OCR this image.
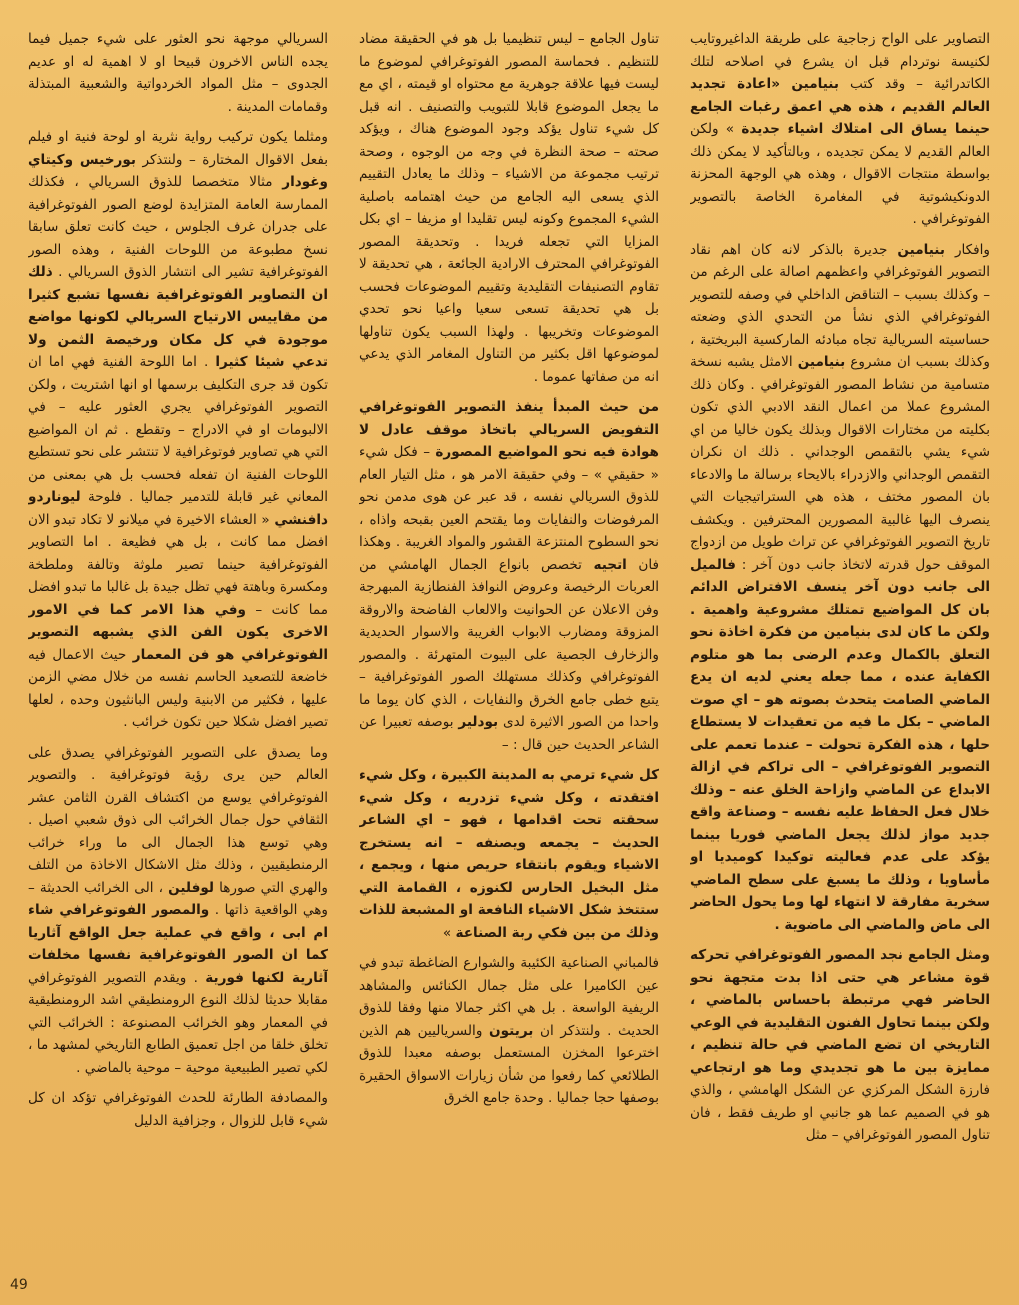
التصاوير على الواح زجاجية على طريقة الداغيروتايب لكنيسة نوتردام قبل ان يشرع في اصلاحه لتلك الكاتدرائية – وقد كتب بنيامين «اعادة تجديد العالم القديم ، هذه هي اعمق رغبات الجامع حينما يساق الى امتلاك اشياء جديدة » ولكن العالم القديم لا يمكن تجديده ، وبالتأكيد لا يمكن ذلك بواسطة منتجات الاقوال ، وهذه هي الوجهة المحزنة الدونكيشوتية في المغامرة الخاصة بالتصوير الفوتوغرافي .

وافكار بنيامين جديرة بالذكر لانه كان اهم نقاد التصوير الفوتوغرافي واعظمهم اصالة على الرغم من – وكذلك بسبب – التناقض الداخلي في وصفه للتصوير الفوتوغرافي الذي نشأ من التحدي الذي وضعته حساسيته السريالية تجاه مبادئه الماركسية البريختية ، وكذلك بسبب ان مشروع بنيامين الامثل يشبه نسخة متسامية من نشاط المصور الفوتوغرافي . وكان ذلك المشروع عملا من اعمال النقد الادبي الذي تكون بكليته من مختارات الاقوال وبذلك يكون خاليا من اي شيء يشي بالتقمص الوجداني . ذلك ان نكران التقمص الوجداني والازدراء بالايحاء برسالة ما والادعاء بان المصور مختف ، هذه هي الستراتيجيات التي ينصرف اليها غالبية المصورين المحترفين . ويكشف تاريخ التصوير الفوتوغرافي عن تراث طويل من ازدواج الموقف حول قدرته لاتخاذ جانب دون آخر : فالميل الى جانب دون آخر ينسف الافتراض الدائم بان كل المواضيع تمتلك مشروعية واهمية . ولكن ما كان لدى بنيامين من فكرة اخاذة نحو التعلق بالكمال وعدم الرضى بما هو متلوم الكفاية عنده ، مما جعله يعني لديه ان يدع الماضي الصامت يتحدث بصوته هو – اي صوت الماضي – بكل ما فيه من تعقيدات لا يستطاع حلها ، هذه الفكرة تحولت – عندما تعمم على التصوير الفوتوغرافي – الى تراكم في ازالة الابداع عن الماضي وازاحة الخلق عنه – وذلك خلال فعل الحفاظ عليه نفسه – وصناعة واقع جديد مواز لذلك يجعل الماضي فوريا بينما يؤكد على عدم فعاليته توكيدا كوميديا او مأساويا ، وذلك ما يسبغ على سطح الماضي سخرية مفارقة لا انتهاء لها وما يحول الحاضر الى ماض والماضي الى ماضوية .

ومثل الجامع نجد المصور الفوتوغرافي تحركه قوة مشاعر هي حتى اذا بدت متجهة نحو الحاضر فهي مرتبطة باحساس بالماضي ، ولكن بينما تحاول الفنون التقليدية في الوعي التاريخي ان تضع الماضي في حالة تنظيم ، ممايزة بين ما هو تجديدي وما هو ارتجاعي فارزة الشكل المركزي عن الشكل الهامشي ، والذي هو في الصميم عما هو جانبي او طريف فقط ، فان تناول المصور الفوتوغرافي – مثل

تناول الجامع – ليس تنظيميا بل هو في الحقيقة مضاد للتنظيم . فحماسة المصور الفوتوغرافي لموضوع ما ليست فيها علاقة جوهرية مع محتواه او قيمته ، اي مع ما يجعل الموضوع قابلا للتبويب والتصنيف . انه قبل كل شيء تناول يؤكد وجود الموضوع هناك ، ويؤكد صحته – صحة النظرة في وجه من الوجوه ، وصحة ترتيب مجموعة من الاشياء – وذلك ما يعادل التقييم الذي يسعى اليه الجامع من حيث اهتمامه باصلية الشيء المجموع وكونه ليس تقليدا او مزيفا – اي بكل المزايا التي تجعله فريدا . وتحديقة المصور الفوتوغرافي المحترف الارادية الجائعة ، هي تحديقة لا تقاوم التصنيفات التقليدية وتقييم الموضوعات فحسب بل هي تحديقة تسعى سعيا واعيا نحو تحدي الموضوعات وتخريبها . ولهذا السبب يكون تناولها لموضوعها اقل بكثير من التناول المغامر الذي يدعي انه من صفاتها عموما .

من حيث المبدأ ينفذ التصوير الفوتوغرافي التفويض السريالي باتخاذ موقف عادل لا هوادة فيه نحو المواضيع المصورة – فكل شيء « حقيقي » – وفي حقيقة الامر هو ، مثل التيار العام للذوق السريالي نفسه ، قد عبر عن هوى مدمن نحو المرفوضات والنفايات وما يقتحم العين بقبحه واذاه ، نحو السطوح المنتزعة القشور والمواد الغريبة . وهكذا فان اتجيه تخصص بانواع الجمال الهامشي من العربات الرخيصة وعروض النوافذ الفنطازية المبهرجة وفن الاعلان عن الحوانيت والالعاب الفاضحة والاروقة المزوقة ومضارب الابواب الغريبة والاسوار الحديدية والزخارف الجصية على البيوت المتهرئة . والمصور الفوتوغرافي وكذلك مستهلك الصور الفوتوغرافية – يتبع خطى جامع الخرق والنفايات ، الذي كان يوما ما واحدا من الصور الاثيرة لدى بودلير بوصفه تعبيرا عن الشاعر الحديث حين قال : –

كل شيء ترمي به المدينة الكبيرة ، وكل شيء افتقدته ، وكل شيء تزدريه ، وكل شيء سحقته تحت اقدامها ، فهو – اي الشاعر الحديث – يجمعه ويصنفه – انه يستخرج الاشياء ويقوم بانتقاء حريص منها ، ويجمع ، مثل البخيل الحارس لكنوزه ، القمامة التي ستتخذ شكل الاشياء النافعة او المشبعة للذات وذلك من بين فكي ربة الصناعة »

فالمباني الصناعية الكئيبة والشوارع الضاغطة تبدو في عين الكاميرا على مثل جمال الكنائس والمشاهد الريفية الواسعة . بل هي اكثر جمالا منها وفقا للذوق الحديث . ولنتذكر ان بريتون والسرياليين هم الذين اخترعوا المخزن المستعمل بوصفه معبدا للذوق الطلائعي كما رفعوا من شأن زيارات الاسواق الحقيرة بوصفها حجا جماليا . وحدة جامع الخرق

السريالي موجهة نحو العثور على شيء جميل فيما يجده الناس الاخرون قبيحا او لا اهمية له او عديم الجدوى – مثل المواد الخردواتية والشعبية المبتذلة وقمامات المدينة .

ومثلما يكون تركيب رواية نثرية او لوحة فنية او فيلم بفعل الاقوال المختارة – ولنتذكر بورخيس وكيتاي وغودار مثالا متخصصا للذوق السريالي ، فكذلك الممارسة العامة المتزايدة لوضع الصور الفوتوغرافية على جدران غرف الجلوس ، حيث كانت تعلق سابقا نسخ مطبوعة من اللوحات الفنية ، وهذه الصور الفوتوغرافية تشير الى انتشار الذوق السريالي . ذلك ان التصاوير الفوتوغرافية نفسها تشبع كثيرا من مقاييس الارتياح السريالي لكونها مواضع موجودة في كل مكان ورخيصة الثمن ولا تدعي شيئا كثيرا . اما اللوحة الفنية فهي اما ان تكون قد جرى التكليف برسمها او انها اشتريت ، ولكن التصوير الفوتوغرافي يجري العثور عليه – في الالبومات او في الادراج – وتقطع . ثم ان المواضيع التي هي تصاوير فوتوغرافية لا تنتشر على نحو تستطيع اللوحات الفنية ان تفعله فحسب بل هي بمعنى من المعاني غير قابلة للتدمير جماليا . فلوحة ليوناردو دافنشي « العشاء الاخيرة في ميلانو لا تكاد تبدو الان افضل مما كانت ، بل هي فظيعة . اما التصاوير الفوتوغرافية حينما تصير ملوثة وتالفة وملطخة ومكسرة وباهتة فهي تظل جيدة بل غالبا ما تبدو افضل مما كانت – وفي هذا الامر كما في الامور الاخرى يكون الفن الذي يشبهه التصوير الفوتوغرافي هو فن المعمار حيث الاعمال فيه خاضعة للتصعيد الحاسم نفسه من خلال مضي الزمن عليها ، فكثير من الابنية وليس البانثيون وحده ، لعلها تصير افضل شكلا حين تكون خرائب .

وما يصدق على التصوير الفوتوغرافي يصدق على العالم حين يرى رؤية فوتوغرافية . والتصوير الفوتوغرافي يوسع من اكتشاف القرن الثامن عشر الثقافي حول جمال الخرائب الى ذوق شعبي اصيل . وهي توسع هذا الجمال الى ما وراء خرائب الرمنطيقيين ، وذلك مثل الاشكال الاخاذة من التلف والهري التي صورها لوفلين ، الى الخرائب الحديثة – وهي الواقعية ذاتها . والمصور الفوتوغرافي شاء ام ابى ، واقع في عملية جعل الواقع آثاريا كما ان الصور الفوتوغرافية نفسها مخلفات آثارية لكنها فورية . ويقدم التصوير الفوتوغرافي مقابلا حديثا لذلك النوع الرومنطيقي اشد الرومنطيقية في المعمار وهو الخرائب المصنوعة : الخرائب التي تخلق خلقا من اجل تعميق الطابع التاريخي لمشهد ما ، لكي تصير الطبيعية موحية – موحية بالماضي .

والمصادفة الطارئة للحدث الفوتوغرافي تؤكد ان كل شيء قابل للزوال ، وجزافية الدليل

49
